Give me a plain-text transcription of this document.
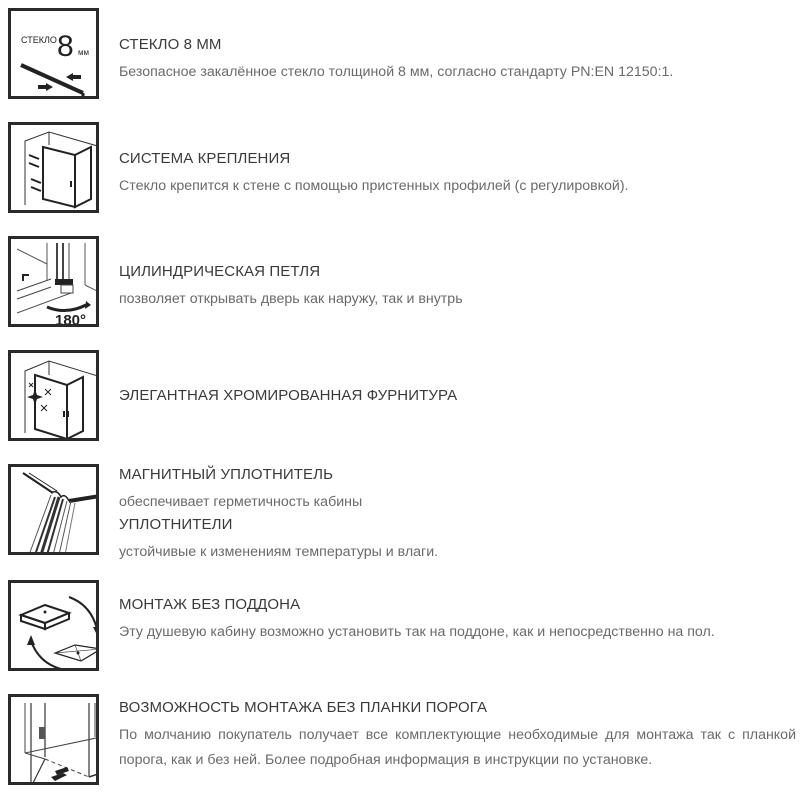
СТЕКЛО 8 мм СТЕКЛО 8 ММ

Безопасное закалённое стекло толщиной 8 мм, согласно стандарту PN:EN 12150:1.

СИСТЕМА КРЕПЛЕНИЯ

Стекло крепится к стене с помощью пристенных профилей (с регулировкой).

180°

ЦИЛИНДРИЧЕСКАЯ ПЕТЛЯ

позволяет открывать дверь как наружу, так и внутрь

ЭЛЕГАНТНАЯ ХРОМИРОВАННАЯ ФУРНИТУРА

МАГНИТНЫЙ УПЛОТНИТЕЛЬ

обеспечивает герметичность кабины

УПЛОТНИТЕЛИ

устойчивые к изменениям температуры и влаги.

МОНТАЖ БЕЗ ПОДДОНА

Эту душевую кабину возможно установить так на поддоне, как и непосредственно на пол.

ВОЗМОЖНОСТЬ МОНТАЖА БЕЗ ПЛАНКИ ПОРОГА

По молчанию покупатель получает все комплектующие необходимые для монтажа так с планкой порога, как и без ней. Более подробная информация в инструкции по установке.
